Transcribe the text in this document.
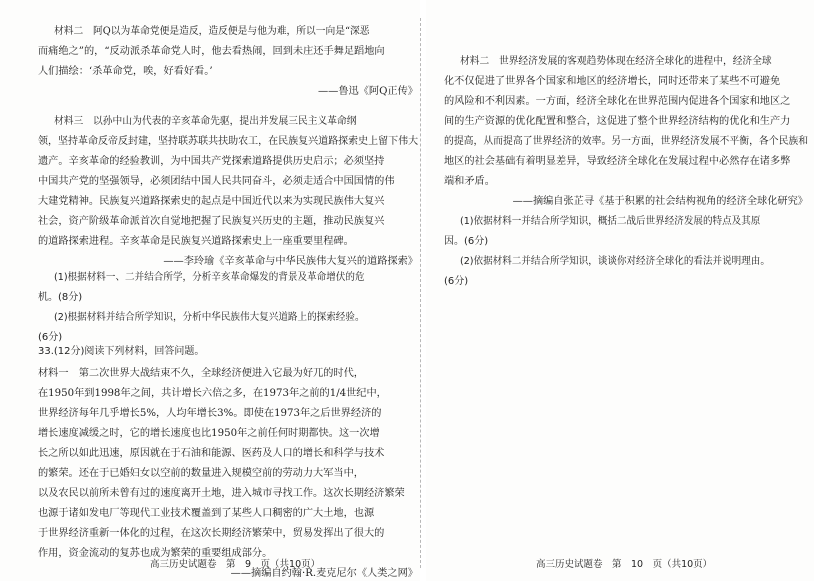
材料二　阿Q以为革命党便是造反，造反便是与他为难，所以一向是“深恶

而痛绝之”的，“反动派杀革命党人时，他去看热闹，回到未庄还手舞足蹈地向

人们描绘：‘杀革命党，唉，好看好看。’

——鲁迅《阿Q正传》

材料三　以孙中山为代表的辛亥革命先驱，提出并发展三民主义革命纲

领，坚持革命反帝反封建，坚持联苏联共扶助农工，在民族复兴道路探索史上留下伟大

遗产。辛亥革命的经验教训，为中国共产党探索道路提供历史启示；必须坚持

中国共产党的坚强领导，必须团结中国人民共同奋斗，必须走适合中国国情的伟

大建党精神。民族复兴道路探索史的起点是中国近代以来为实现民族伟大复兴

社会，资产阶级革命派首次自觉地把握了民族复兴历史的主题，推动民族复兴

的道路探索进程。辛亥革命是民族复兴道路探索史上一座重要里程碑。

——李玲瑜《辛亥革命与中华民族伟大复兴的道路探索》

(1)根据材料一、二并结合所学，分析辛亥革命爆发的背景及革命增伏的危

机。(8分)

(2)根据材料并结合所学知识，分析中华民族伟大复兴道路上的探索经验。

(6分)

33.(12分)阅读下列材料，回答问题。

材料一　第二次世界大战结束不久，全球经济便进入它最为好兀的时代，

在1950年到1998年之间，共计增长六倍之多，在1973年之前的1/4世纪中，

世界经济每年几乎增长5%，人均年增长3%。即使在1973年之后世界经济的

增长速度减缓之时，它的增长速度也比1950年之前任何时期都快。这一次增

长之所以如此迅速，原因就在于石油和能源、医药及人口的增长和科学与技术

的繁荣。还在于已婚妇女以空前的数量进入规模空前的劳动力大军当中，

以及农民以前所未曾有过的速度离开土地，进入城市寻找工作。这次长期经济繁荣

也源于诸如发电厂等现代工业技术覆盖到了某些人口稠密的广大土地，也源

于世界经济重新一体化的过程，在这次长期经济繁荣中，贸易发挥出了很大的

作用，资金流动的复苏也成为繁荣的重要组成部分。

——摘编自约翰·R.麦克尼尔《人类之网》

高三历史试题卷　第　9　页（共10页）

材料二　世界经济发展的客观趋势体现在经济全球化的进程中，经济全球

化不仅促进了世界各个国家和地区的经济增长，同时还带来了某些不可避免

的风险和不利因素。一方面，经济全球化在世界范围内促进各个国家和地区之

间的生产资源的优化配置和整合，这促进了整个世界经济结构的优化和生产力

的提高，从而提高了世界经济的效率。另一方面，世界经济发展不平衡，各个民族和

地区的社会基础有着明显差异，导致经济全球化在发展过程中必然存在诸多弊

端和矛盾。

——摘编自张芷寻《基于积累的社会结构视角的经济全球化研究》

(1)依据材料一并结合所学知识，概括二战后世界经济发展的特点及其原

因。(6分)

(2)依据材料二并结合所学知识，谈谈你对经济全球化的看法并说明理由。

(6分)

高三历史试题卷　第　10　页（共10页）
